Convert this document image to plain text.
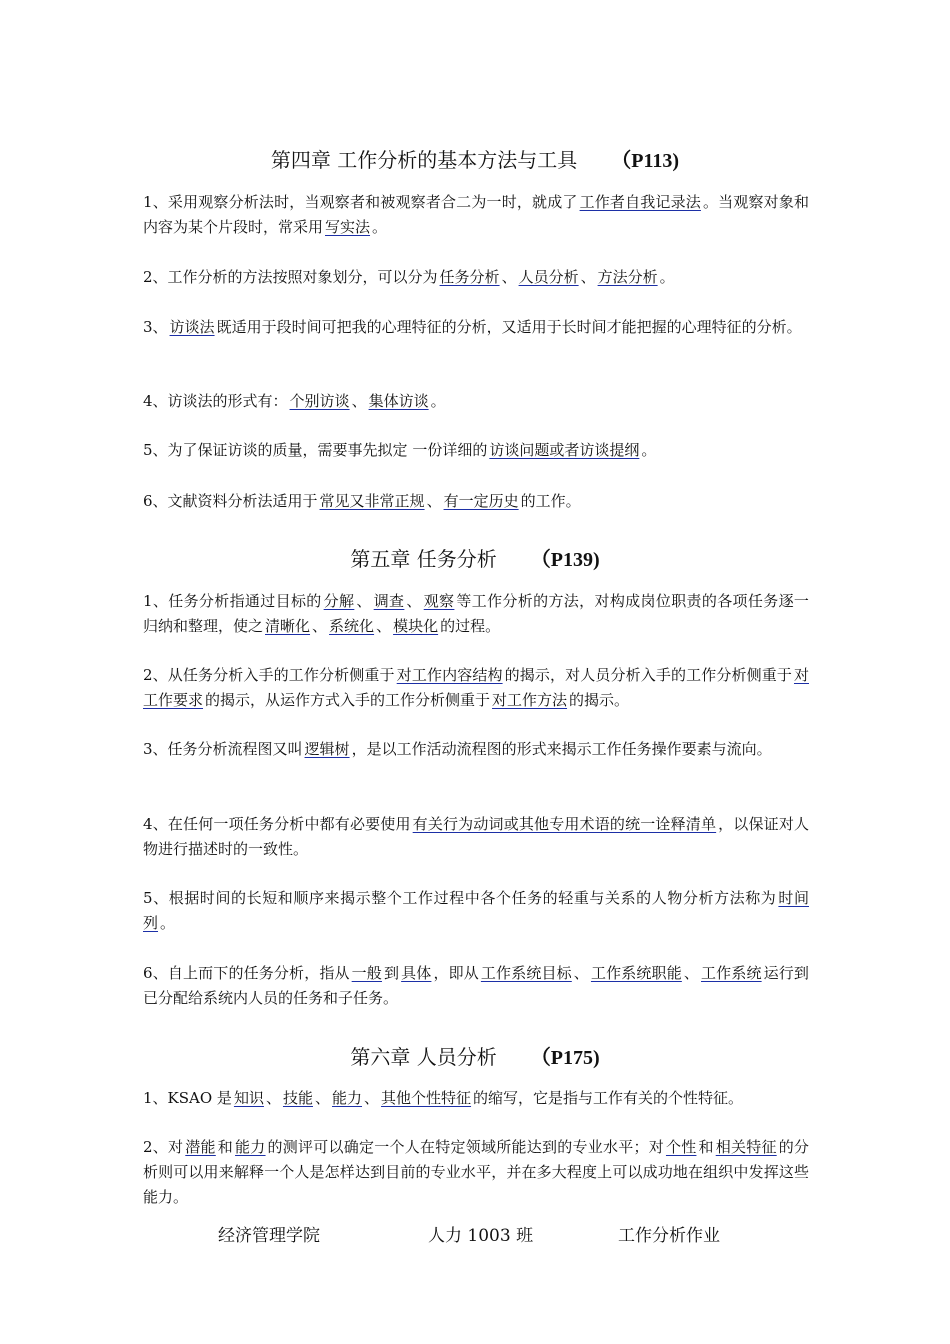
第四章 工作分析的基本方法与工具 （P113)

1、采用观察分析法时，当观察者和被观察者合二为一时，就成了 工作者自我记录法 。当观察对象和内容为某个片段时，常采用 写实法 。

2、工作分析的方法按照对象划分，可以分为 任务分析 、 人员分析 、 方法分析 。

3、 访谈法 既适用于段时间可把我的心理特征的分析，又适用于长时间才能把握的心理特征的分析。

4、访谈法的形式有： 个别访谈 、 集体访谈 。

5、为了保证访谈的质量，需要事先拟定 一份详细的 访谈问题或者访谈提纲 。

6、文献资料分析法适用于 常见又非常正规 、 有一定历史 的工作。

第五章 任务分析 （P139)

1、任务分析指通过目标的 分解 、 调查 、 观察 等工作分析的方法，对构成岗位职责的各项任务逐一归纳和整理，使之 清晰化 、 系统化 、 模块化 的过程。

2、从任务分析入手的工作分析侧重于 对工作内容结构 的揭示，对人员分析入手的工作分析侧重于 对工作要求 的揭示，从运作方式入手的工作分析侧重于 对工作方法 的揭示。

3、任务分析流程图又叫 逻辑树 ，是以工作活动流程图的形式来揭示工作任务操作要素与流向。

4、在任何一项任务分析中都有必要使用 有关行为动词或其他专用术语的统一诠释清单 ，以保证对人物进行描述时的一致性。

5、根据时间的长短和顺序来揭示整个工作过程中各个任务的轻重与关系的人物分析方法称为 时间列 。

6、自上而下的任务分析，指从 一般 到 具体 ，即从 工作系统目标 、 工作系统职能 、 工作系统 运行到已分配给系统内人员的任务和子任务。

第六章 人员分析 （P175)

1、KSAO 是 知识 、 技能 、 能力 、 其他个性特征 的缩写，它是指与工作有关的个性特征。

2、对 潜能 和 能力 的测评可以确定一个人在特定领域所能达到的专业水平；对 个性 和 相关特征 的分析则可以用来解释一个人是怎样达到目前的专业水平，并在多大程度上可以成功地在组织中发挥这些能力。

经济管理学院	人力 1003 班	工作分析作业
